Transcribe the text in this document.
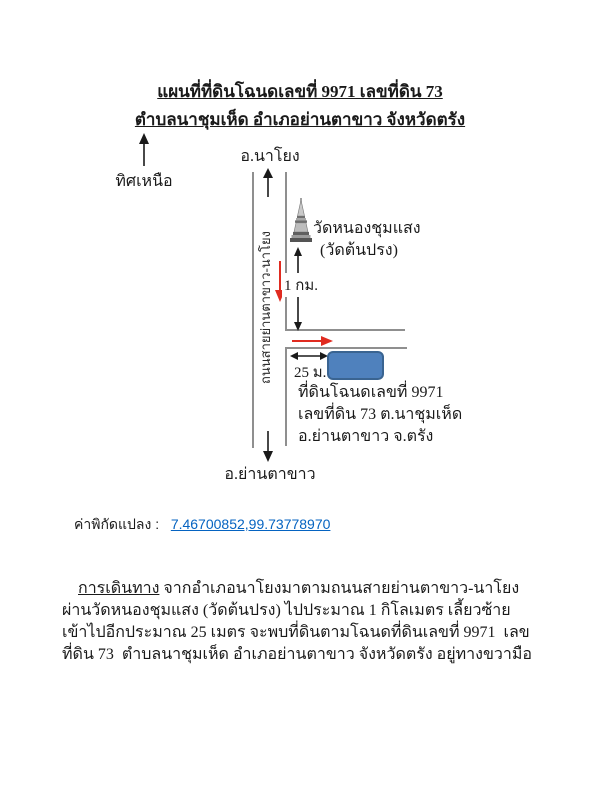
แผนที่ที่ดินโฉนดเลขที่ 9971 เลขที่ดิน 73
ตำบลนาชุมเห็ด อำเภอย่านตาขาว จังหวัดตรัง
ทิศเหนือ
อ.นาโยง
ถนนสายย่านตาขาว-นาโยง
วัดหนองชุมแสง
(วัดต้นปรง)
1 กม.
25 ม.
ที่ดินโฉนดเลขที่ 9971
เลขที่ดิน 73 ต.นาชุมเห็ด
อ.ย่านตาขาว จ.ตรัง
อ.ย่านตาขาว
ค่าพิกัดแปลง : 7.46700852,99.73778970

การเดินทาง จากอำเภอนาโยงมาตามถนนสายย่านตาขาว-นาโยง ผ่านวัดหนองชุมแสง (วัดต้นปรง) ไปประมาณ 1 กิโลเมตร เลี้ยวซ้ายเข้าไปอีกประมาณ 25 เมตร จะพบที่ดินตามโฉนดที่ดินเลขที่ 9971  เลขที่ดิน 73  ตำบลนาชุมเห็ด อำเภอย่านตาขาว จังหวัดตรัง อยู่ทางขวามือ
